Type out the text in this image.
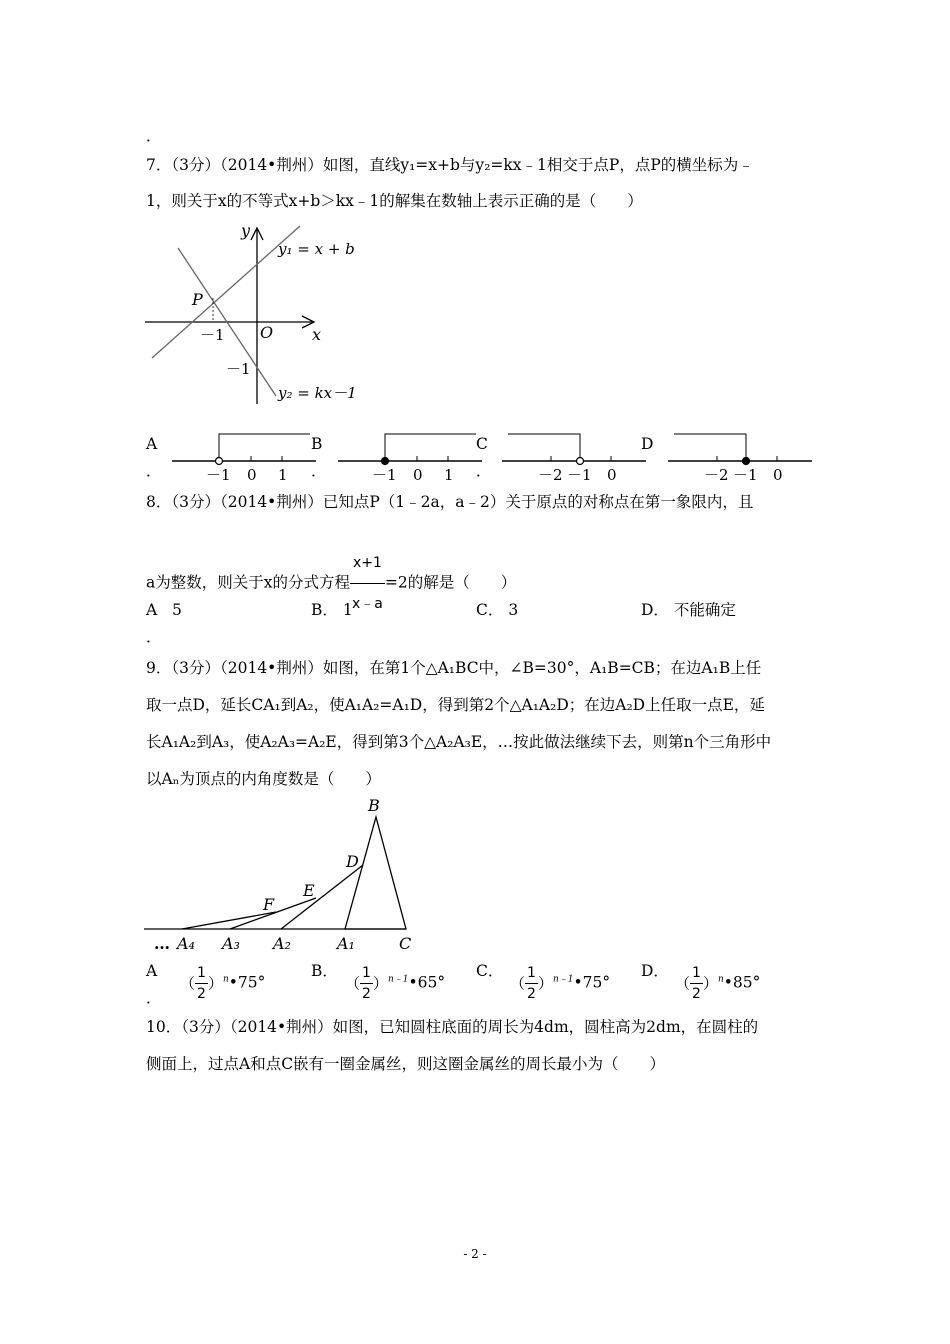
．
7．（3分）（2014•荆州）如图，直线y₁=x+b与y₂=kx﹣1相交于点P，点P的横坐标为﹣
1，则关于x的不等式x+b＞kx﹣1的解集在数轴上表示正确的是（　　）
y
x
O
P
－1
－1
y₁ = x + b
y₂ = kx－1
A
．	－1 0 1
B
．	－1 0 1
C
．	－2 －1 0
D
－2 －1 0
8．（3分）（2014•荆州）已知点P（1﹣2a，a﹣2）关于原点的对称点在第一象限内，且
a为整数，则关于x的分式方程 $\frac{x+1}{x﹣a} =2$的解是（　　）
A 5
．
B． 1	C． 3	D． 不能确定
9．（3分）（2014•荆州）如图，在第1个△A₁BC中，∠B=30°，A₁B=CB；在边A₁B上任
取一点D，延长CA₁到A₂，使A₁A₂=A₁D，得到第2个△A₁A₂D；在边A₂D上任取一点E，延
长A₁A₂到A₃，使A₂A₃=A₂E，得到第3个△A₂A₃E，…按此做法继续下去，则第n个三角形中
以Aₙ为顶点的内角度数是（　　）
B
D
E
F
… A₄ A₃ A₂	A₁	C
A
．
（ $\frac{1}{2}$ ）$^n$•75°
B．
（ $\frac{1}{2}$ ）$^{n﹣1}$•65°
C．
（ $\frac{1}{2}$ ）$^{n﹣1}$•75°
D．
（ $\frac{1}{2}$ ）$^n$•85°
10．（3分）（2014•荆州）如图，已知圆柱底面的周长为4dm，圆柱高为2dm，在圆柱的
侧面上，过点A和点C嵌有一圈金属丝，则这圈金属丝的周长最小为（　　）
- 2 -
